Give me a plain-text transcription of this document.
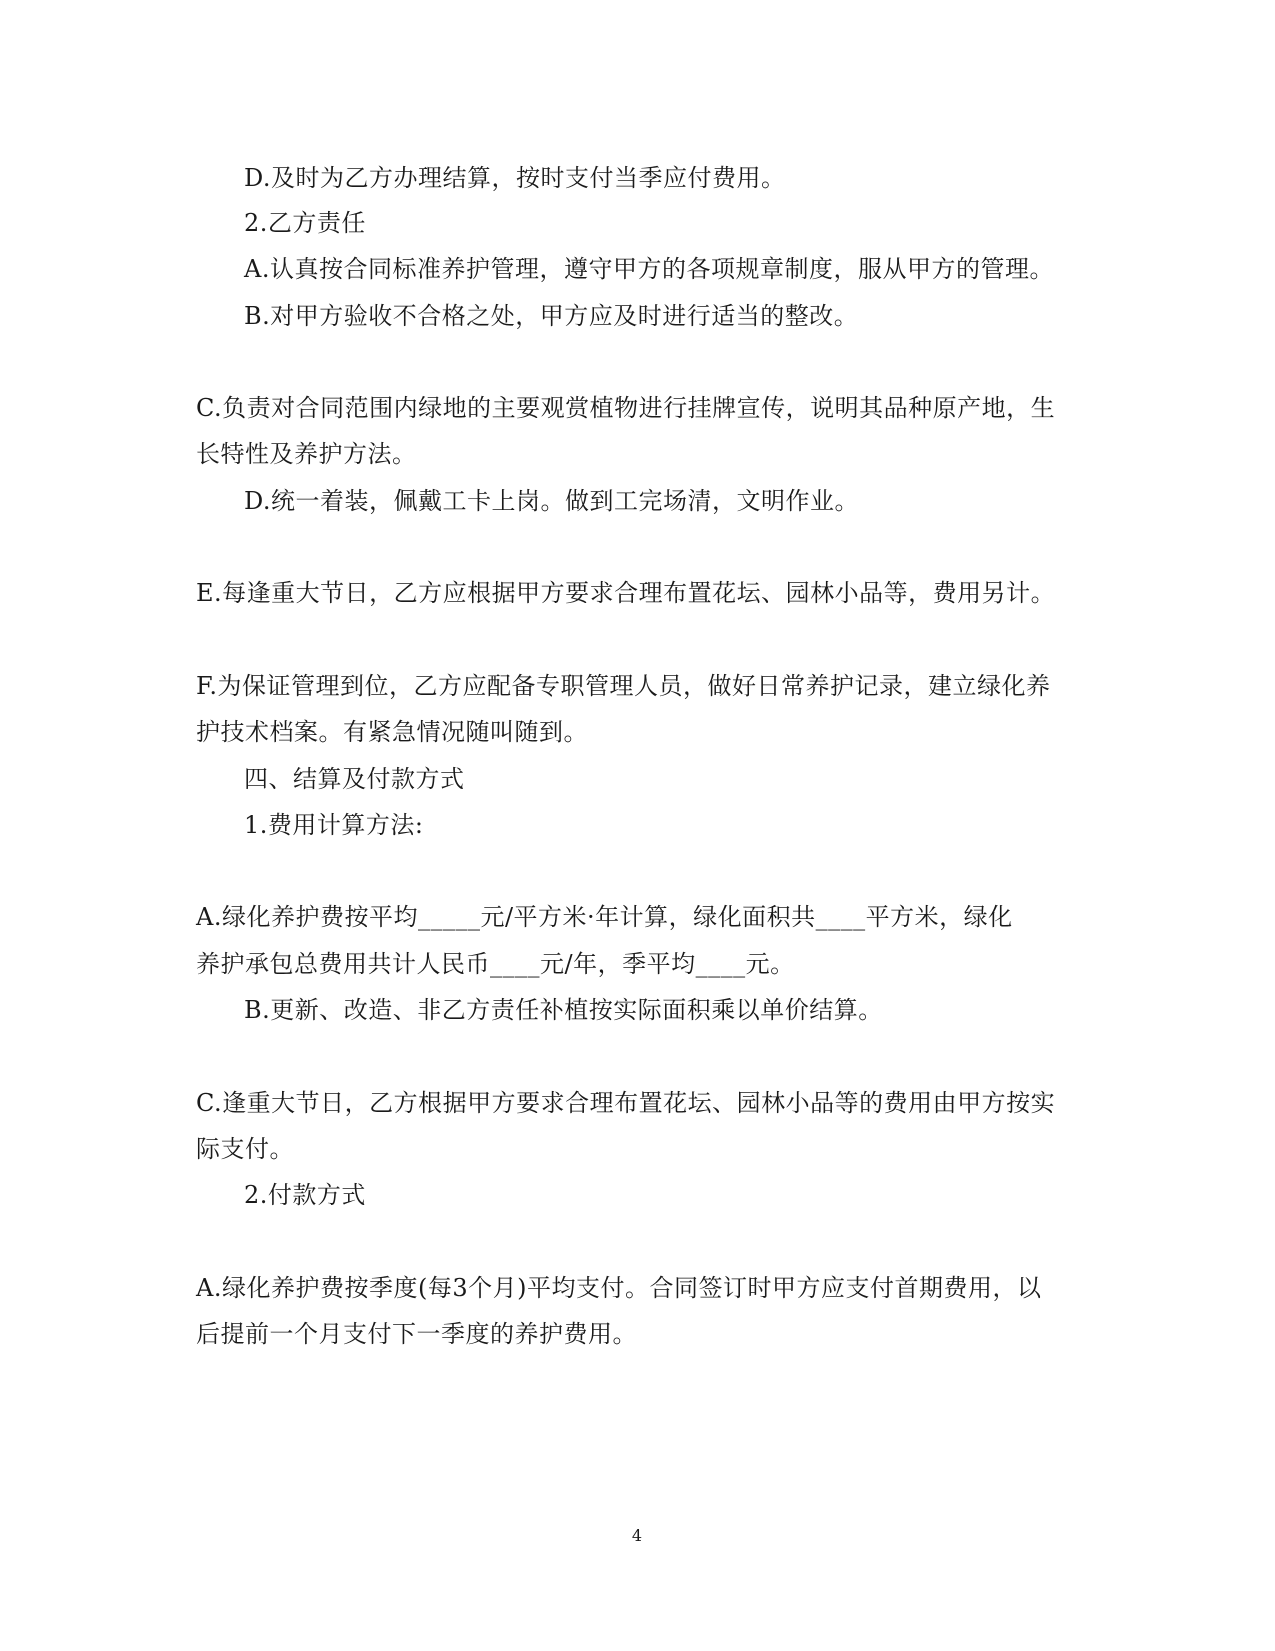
D.及时为乙方办理结算，按时支付当季应付费用。
2.乙方责任
A.认真按合同标准养护管理，遵守甲方的各项规章制度，服从甲方的管理。
B.对甲方验收不合格之处，甲方应及时进行适当的整改。
C.负责对合同范围内绿地的主要观赏植物进行挂牌宣传，说明其品种原产地，生
长特性及养护方法。
D.统一着装，佩戴工卡上岗。做到工完场清，文明作业。
E.每逢重大节日，乙方应根据甲方要求合理布置花坛、园林小品等，费用另计。
F.为保证管理到位，乙方应配备专职管理人员，做好日常养护记录，建立绿化养
护技术档案。有紧急情况随叫随到。
四、结算及付款方式
1.费用计算方法:
A.绿化养护费按平均_____元/平方米·年计算，绿化面积共____平方米，绿化
养护承包总费用共计人民币____元/年，季平均____元。
B.更新、改造、非乙方责任补植按实际面积乘以单价结算。
C.逢重大节日，乙方根据甲方要求合理布置花坛、园林小品等的费用由甲方按实
际支付。
2.付款方式
A.绿化养护费按季度(每3个月)平均支付。合同签订时甲方应支付首期费用，以
后提前一个月支付下一季度的养护费用。
4
